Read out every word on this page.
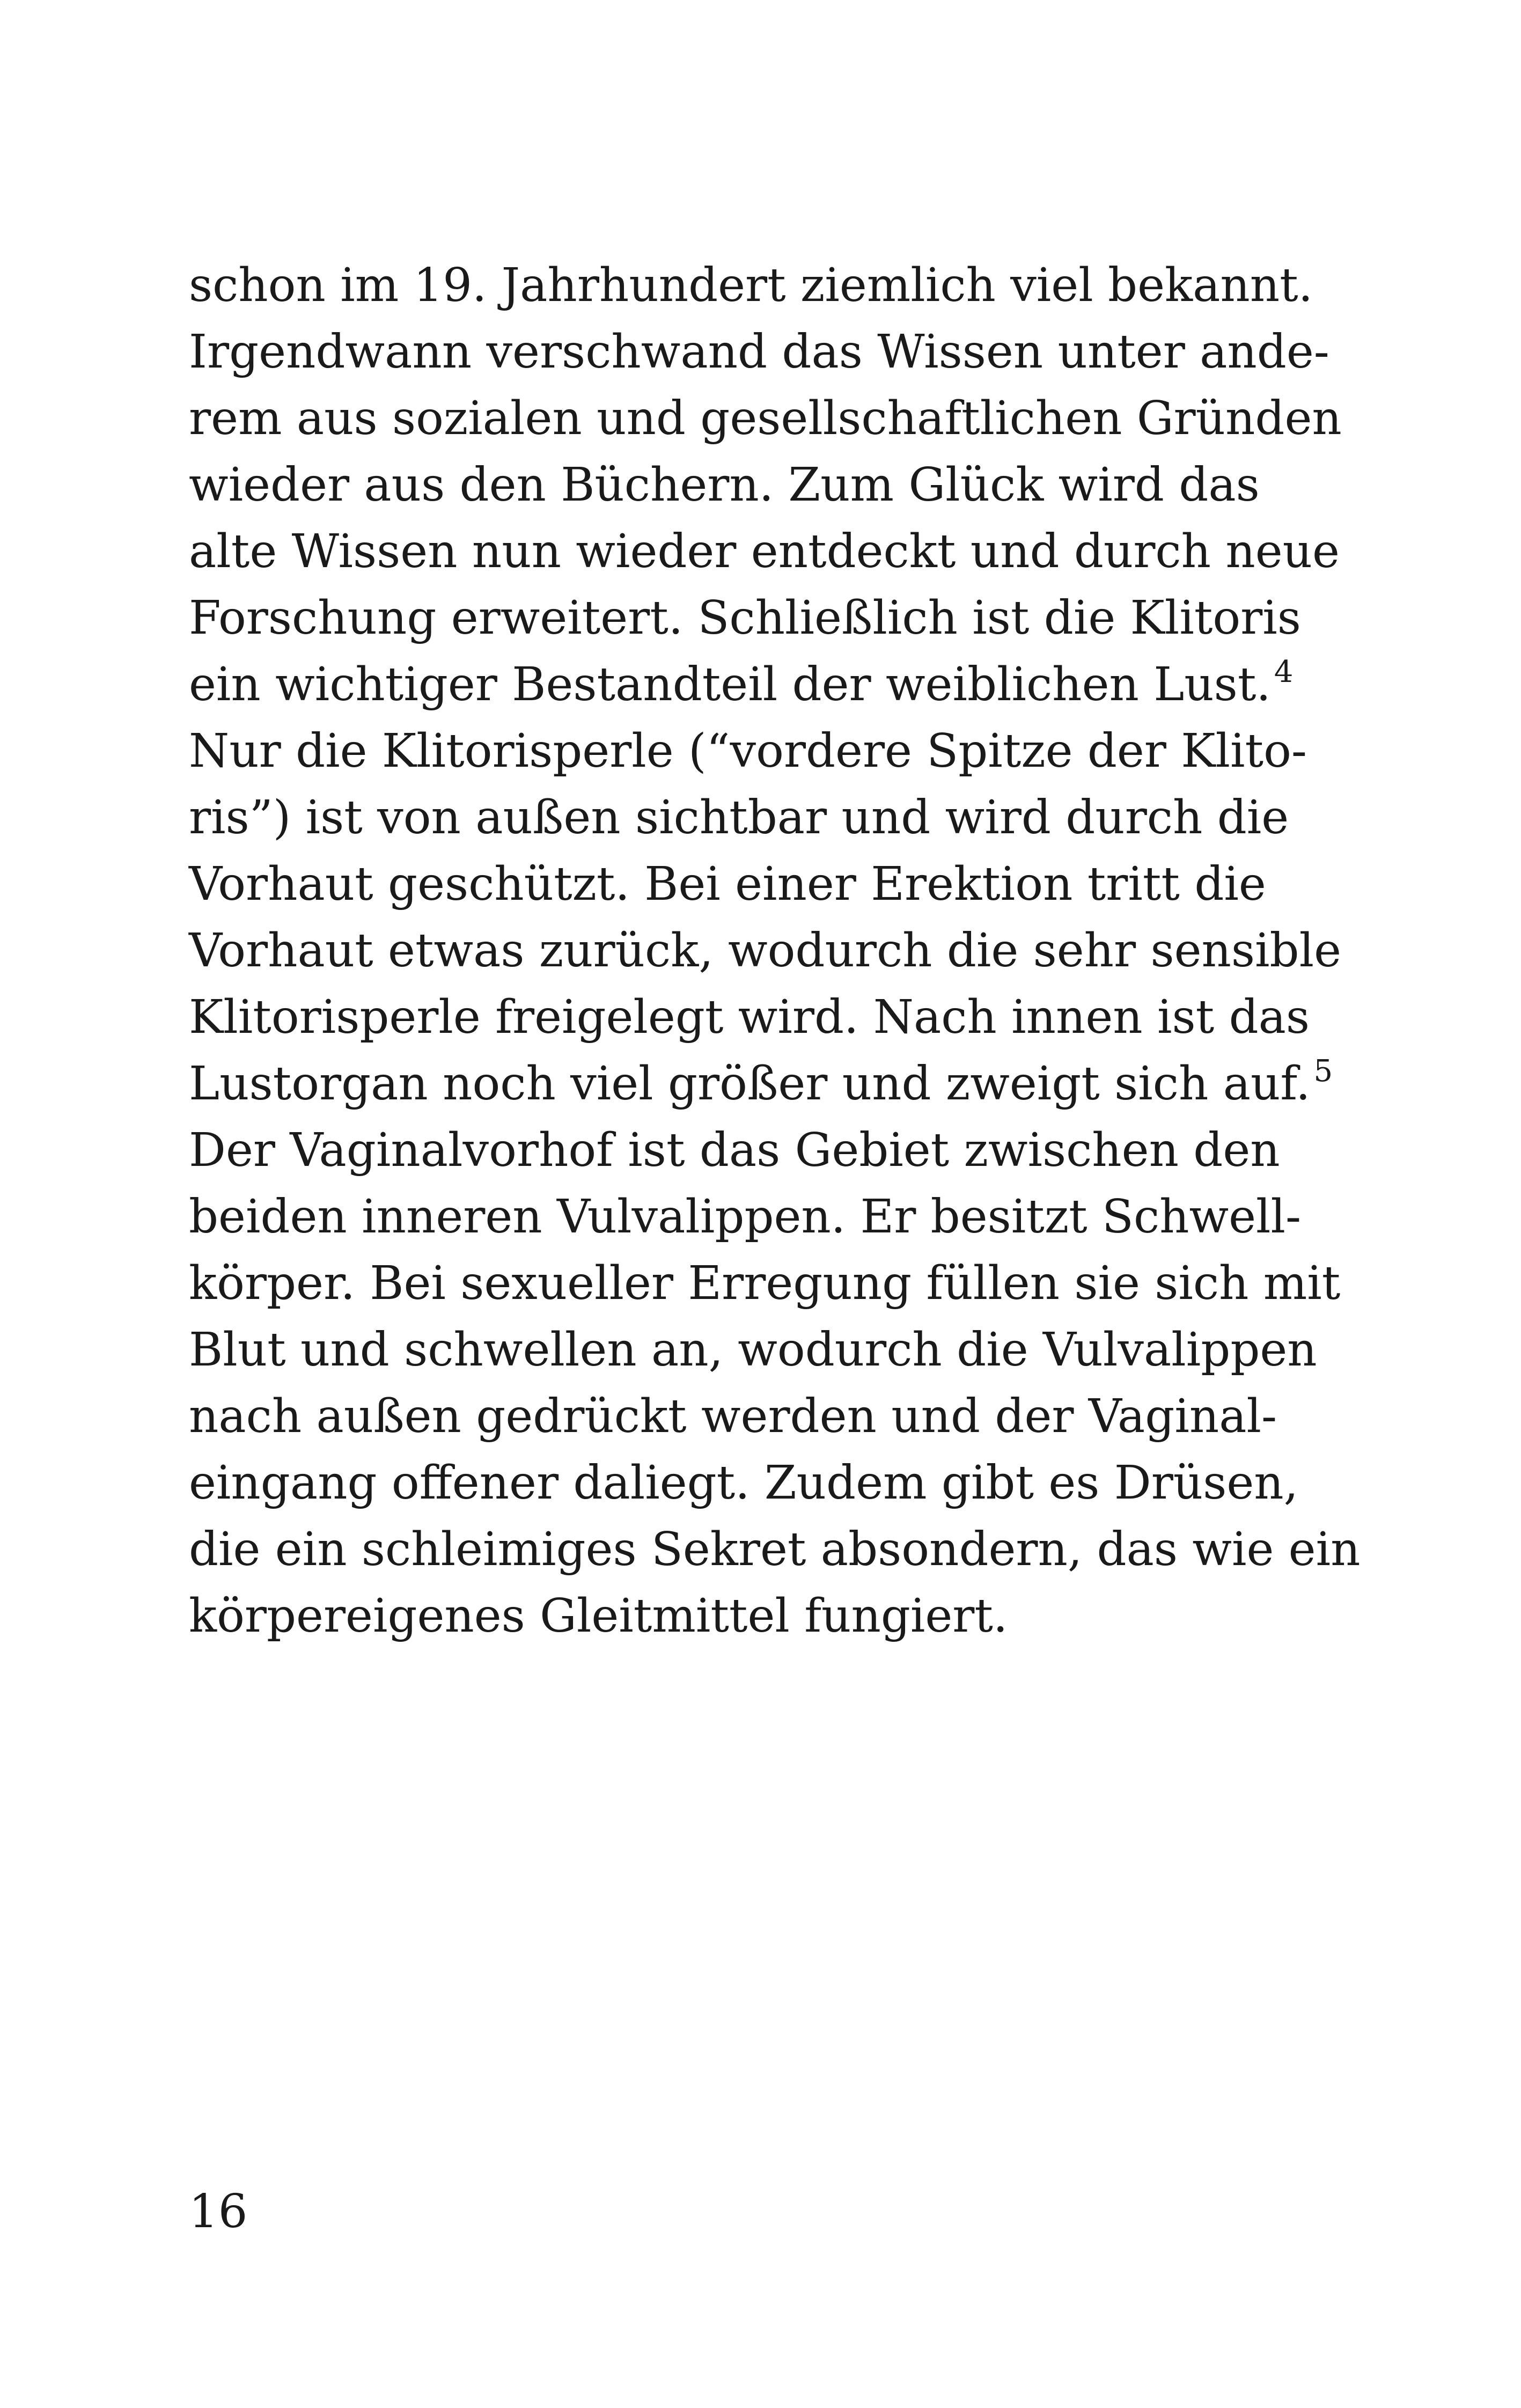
schon im 19. Jahrhundert ziemlich viel bekannt.
Irgendwann verschwand das Wissen unter ande-
rem aus sozialen und gesellschaftlichen Gründen
wieder aus den Büchern. Zum Glück wird das
alte Wissen nun wieder entdeckt und durch neue
Forschung erweitert. Schließlich ist die Klitoris
ein wichtiger Bestandteil der weiblichen Lust. $^4$
Nur die Klitorisperle (“vordere Spitze der Klito-
ris”) ist von außen sichtbar und wird durch die
Vorhaut geschützt. Bei einer Erektion tritt die
Vorhaut etwas zurück, wodurch die sehr sensible
Klitorisperle freigelegt wird. Nach innen ist das
Lustorgan noch viel größer und zweigt sich auf. $^5$
Der Vaginalvorhof ist das Gebiet zwischen den
beiden inneren Vulvalippen. Er besitzt Schwell-
körper. Bei sexueller Erregung füllen sie sich mit
Blut und schwellen an, wodurch die Vulvalippen
nach außen gedrückt werden und der Vaginal-
eingang offener daliegt. Zudem gibt es Drüsen,
die ein schleimiges Sekret absondern, das wie ein
körpereigenes Gleitmittel fungiert.
16
